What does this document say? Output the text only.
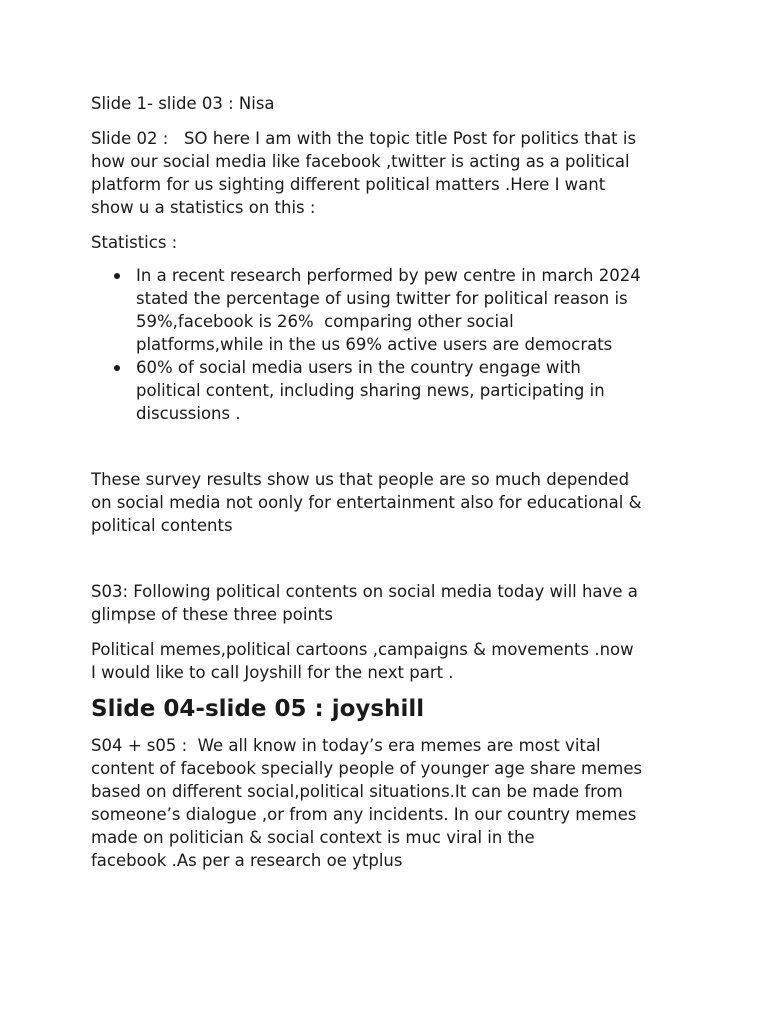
Slide 1- slide 03 : Nisa

Slide 02 :   SO here I am with the topic title Post for politics that is

how our social media like facebook ,twitter is acting as a political

platform for us sighting different political matters .Here I want

show u a statistics on this :

Statistics :

In a recent research performed by pew centre in march 2024

stated the percentage of using twitter for political reason is

59%,facebook is 26%  comparing other social

platforms,while in the us 69% active users are democrats

60% of social media users in the country engage with

political content, including sharing news, participating in

discussions .

These survey results show us that people are so much depended

on social media not oonly for entertainment also for educational &

political contents

S03: Following political contents on social media today will have a

glimpse of these three points

Political memes,political cartoons ,campaigns & movements .now

I would like to call Joyshill for the next part .

Slide 04-slide 05 : joyshill

S04 + s05 :  We all know in today’s era memes are most vital

content of facebook specially people of younger age share memes

based on different social,political situations.It can be made from

someone’s dialogue ,or from any incidents. In our country memes

made on politician & social context is muc viral in the

facebook .As per a research oe ytplus
